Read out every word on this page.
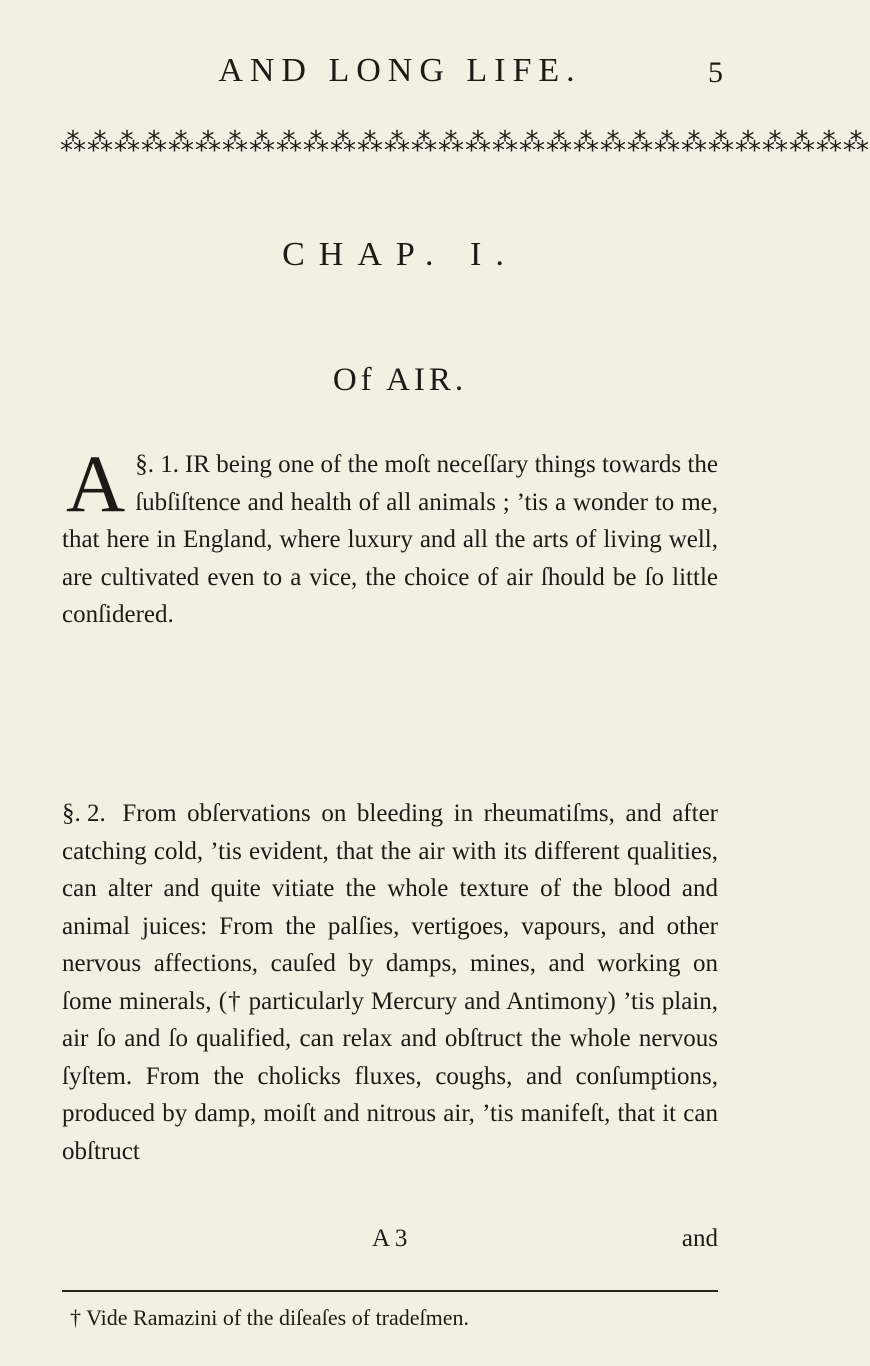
AND LONG LIFE.	5
⁂⁂⁂⁂⁂⁂⁂⁂⁂⁂⁂⁂⁂⁂⁂⁂⁂⁂⁂⁂⁂⁂⁂⁂⁂⁂⁂⁂⁂⁂
CHAP. I.
Of AIR.
§. 1.
A IR being one of the moſt neceſſary things towards the ſubſiſtence and health of all animals ; ’tis a wonder to me, that here in England, where luxury and all the arts of living well, are cultivated even to a vice, the choice of air ſhould be ſo little conſidered.
§. 2. From obſervations on bleeding in rheumatiſms, and after catching cold, ’tis evident, that the air with its different qualities, can alter and quite vitiate the whole texture of the blood and animal juices: From the palſies, vertigoes, vapours, and other nervous affections, cauſed by damps, mines, and working on ſome minerals, († particularly Mercury and Antimony) ’tis plain, air ſo and ſo qualified, can relax and obſtruct the whole nervous ſyſtem. From the cholicks fluxes, coughs, and conſumptions, produced by damp, moiſt and nitrous air, ’tis manifeſt, that it can obſtruct
A 3	and
† Vide Ramazini of the diſeaſes of tradeſmen.
